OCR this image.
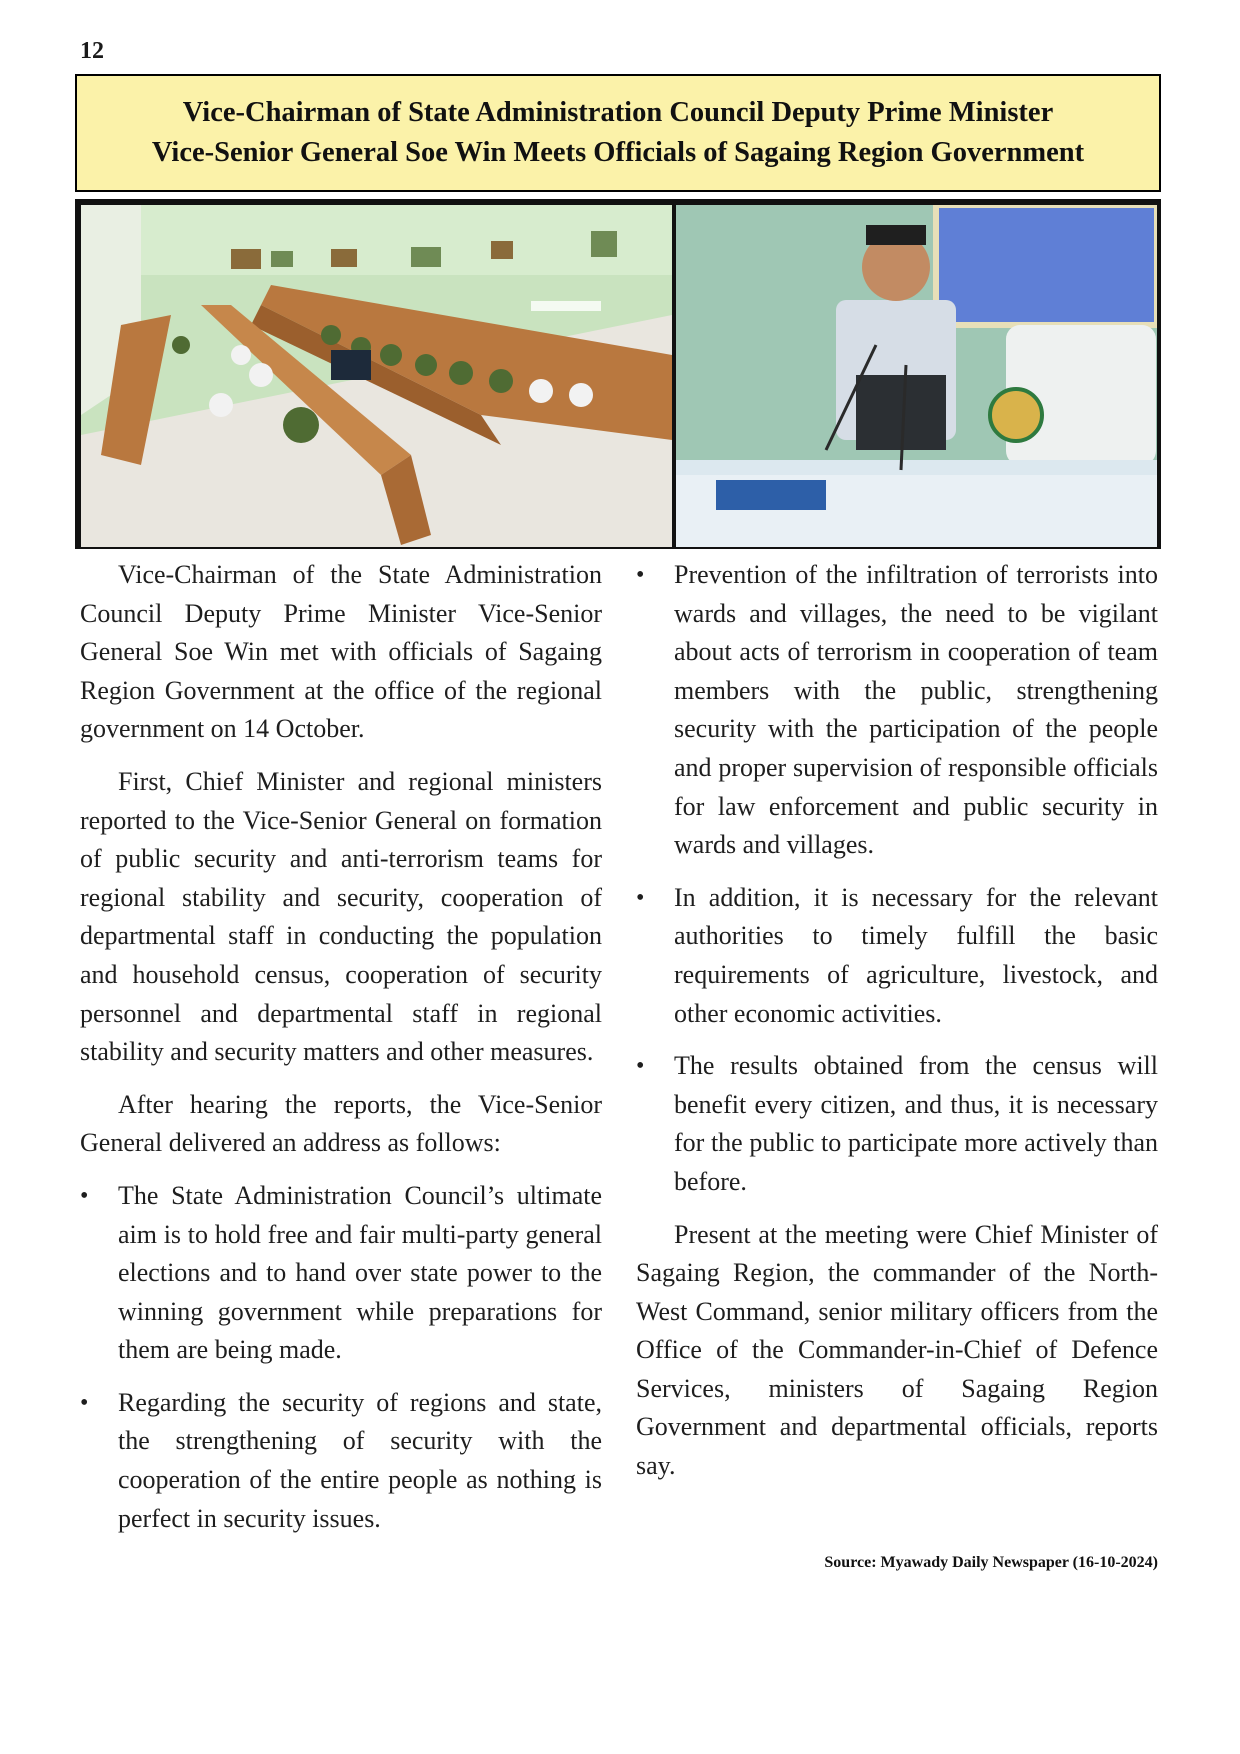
12
Vice-Chairman of State Administration Council Deputy Prime Minister
Vice-Senior General Soe Win Meets Officials of Sagaing Region Government

Vice-Chairman of the State Administration Council Deputy Prime Minister Vice-Senior General Soe Win met with officials of Sagaing Region Government at the office of the regional government on 14 October.

First, Chief Minister and regional ministers reported to the Vice-Senior General on formation of public security and anti-terrorism teams for regional stability and security, cooperation of departmental staff in conducting the population and household census, cooperation of security personnel and departmental staff in regional stability and security matters and other measures.

After hearing the reports, the Vice-Senior General delivered an address as follows:

• The State Administration Council’s ultimate aim is to hold free and fair multi-party general elections and to hand over state power to the winning government while preparations for them are being made.
• Regarding the security of regions and state, the strengthening of security with the cooperation of the entire people as nothing is perfect in security issues.
• Prevention of the infiltration of terrorists into wards and villages, the need to be vigilant about acts of terrorism in cooperation of team members with the public, strengthening security with the participation of the people and proper supervision of responsible officials for law enforcement and public security in wards and villages.
• In addition, it is necessary for the relevant authorities to timely fulfill the basic requirements of agriculture, livestock, and other economic activities.
• The results obtained from the census will benefit every citizen, and thus, it is necessary for the public to participate more actively than before.

Present at the meeting were Chief Minister of Sagaing Region, the commander of the North-West Command, senior military officers from the Office of the Commander-in-Chief of Defence Services, ministers of Sagaing Region Government and departmental officials, reports say.

Source: Myawady Daily Newspaper (16-10-2024)
